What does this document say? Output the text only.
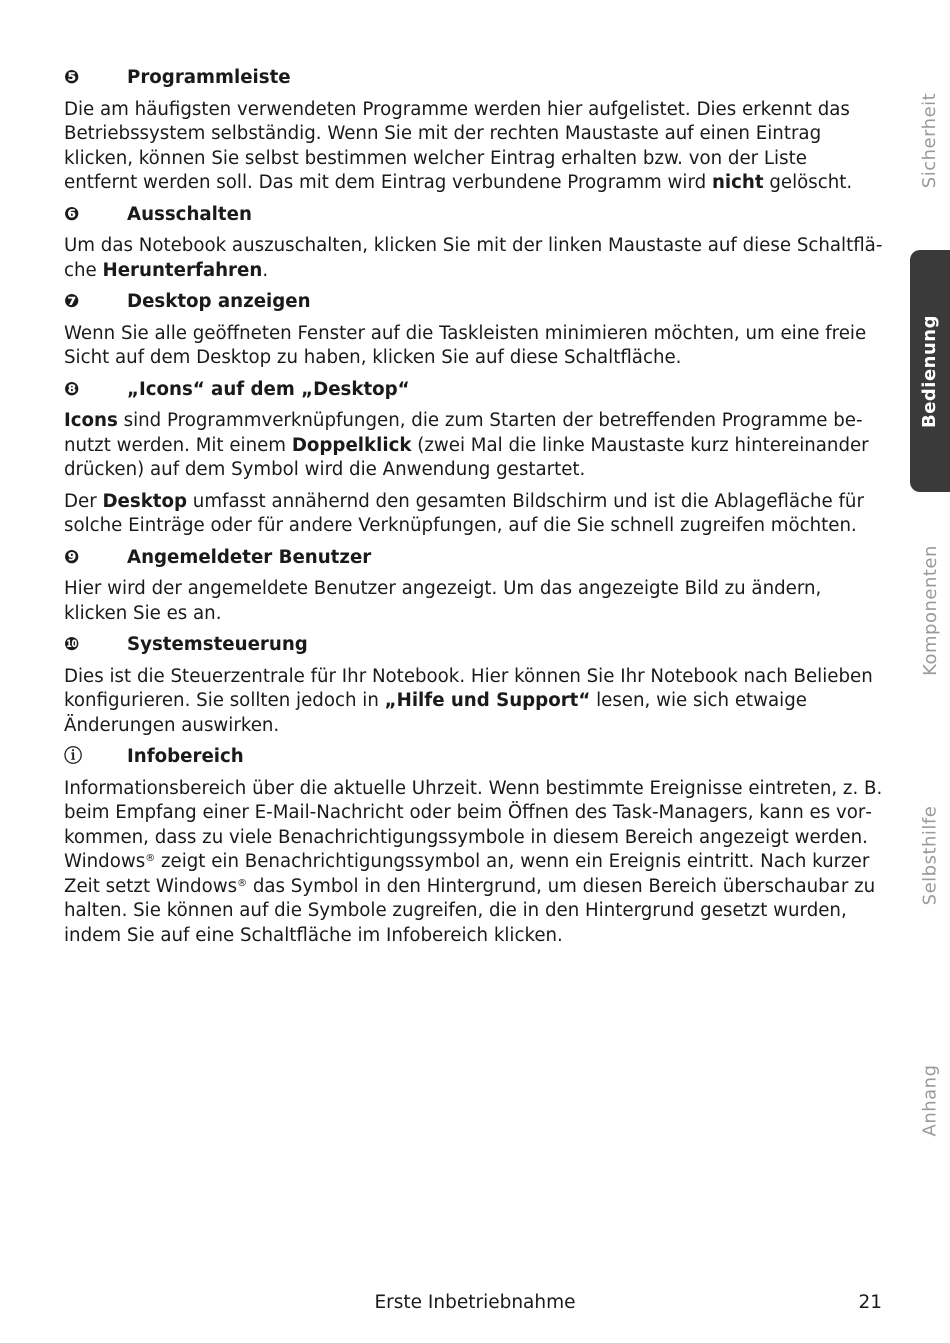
❺	Programmleiste

Die am häufigsten verwendeten Programme werden hier aufgelistet. Dies erkennt das Betriebssystem selbständig. Wenn Sie mit der rechten Maustaste auf einen Eintrag klicken, können Sie selbst bestimmen welcher Eintrag erhalten bzw. von der Liste entfernt werden soll. Das mit dem Eintrag verbundene Programm wird nicht gelöscht.

❻	Ausschalten

Um das Notebook auszuschalten, klicken Sie mit der linken Maustaste auf diese Schaltfläche Herunterfahren.

❼	Desktop anzeigen

Wenn Sie alle geöffneten Fenster auf die Taskleisten minimieren möchten, um eine freie Sicht auf dem Desktop zu haben, klicken Sie auf diese Schaltfläche.

❽	„Icons“ auf dem „Desktop“

Icons sind Programmverknüpfungen, die zum Starten der betreffenden Programme benutzt werden. Mit einem Doppelklick (zwei Mal die linke Maustaste kurz hintereinander drücken) auf dem Symbol wird die Anwendung gestartet.

Der Desktop umfasst annähernd den gesamten Bildschirm und ist die Ablagefläche für solche Einträge oder für andere Verknüpfungen, auf die Sie schnell zugreifen möchten.

❾	Angemeldeter Benutzer

Hier wird der angemeldete Benutzer angezeigt. Um das angezeigte Bild zu ändern, klicken Sie es an.

❿	Systemsteuerung

Dies ist die Steuerzentrale für Ihr Notebook. Hier können Sie Ihr Notebook nach Belieben konfigurieren. Sie sollten jedoch in „Hilfe und Support“ lesen, wie sich etwaige Änderungen auswirken.

ⓘ	Infobereich

Informationsbereich über die aktuelle Uhrzeit. Wenn bestimmte Ereignisse eintreten, z. B. beim Empfang einer E-Mail-Nachricht oder beim Öffnen des Task-Managers, kann es vorkommen, dass zu viele Benachrichtigungssymbole in diesem Bereich angezeigt werden. Windows® zeigt ein Benachrichtigungssymbol an, wenn ein Ereignis eintritt. Nach kurzer Zeit setzt Windows® das Symbol in den Hintergrund, um diesen Bereich überschaubar zu halten. Sie können auf die Symbole zugreifen, die in den Hintergrund gesetzt wurden, indem Sie auf eine Schaltfläche im Infobereich klicken.

Sicherheit
Bedienung
Komponenten
Selbsthilfe
Anhang
Erste Inbetriebnahme	21
